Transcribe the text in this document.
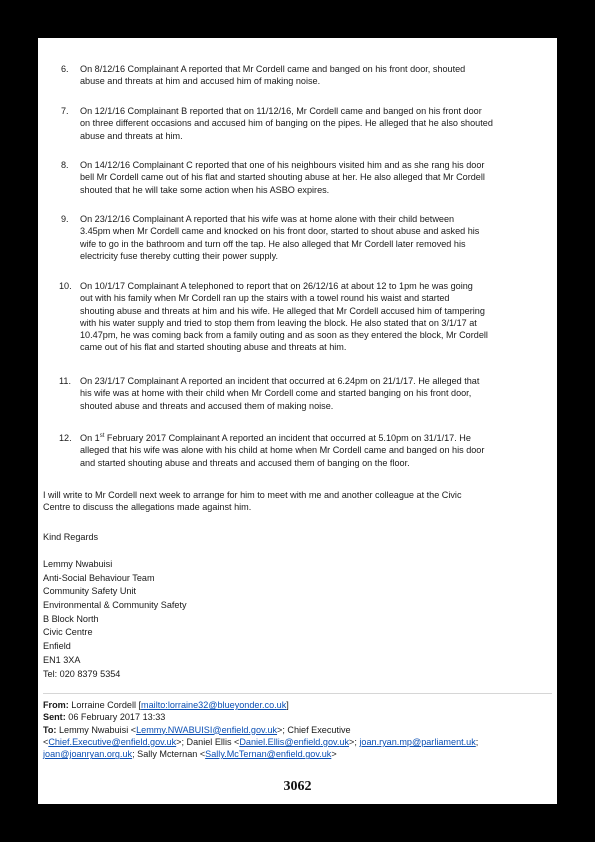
6. On 8/12/16 Complainant A reported that Mr Cordell came and banged on his front door, shouted
abuse and threats at him and accused him of making noise.
7. On 12/1/16 Complainant B reported that on 11/12/16, Mr Cordell came and banged on his front door
on three different occasions and accused him of banging on the pipes. He alleged that he also shouted
abuse and threats at him.
8. On 14/12/16 Complainant C reported that one of his neighbours visited him and as she rang his door
bell Mr Cordell came out of his flat and started shouting abuse at her. He also alleged that Mr Cordell
shouted that he will take some action when his ASBO expires.
9. On 23/12/16 Complainant A reported that his wife was at home alone with their child between
3.45pm when Mr Cordell came and knocked on his front door, started to shout abuse and asked his
wife to go in the bathroom and turn off the tap. He also alleged that Mr Cordell later removed his
electricity fuse thereby cutting their power supply.
10. On 10/1/17 Complainant A telephoned to report that on 26/12/16 at about 12 to 1pm he was going
out with his family when Mr Cordell ran up the stairs with a towel round his waist and started
shouting abuse and threats at him and his wife. He alleged that Mr Cordell accused him of tampering
with his water supply and tried to stop them from leaving the block. He also stated that on 3/1/17 at
10.47pm, he was coming back from a family outing and as soon as they entered the block, Mr Cordell
came out of his flat and started shouting abuse and threats at him.
11. On 23/1/17 Complainant A reported an incident that occurred at 6.24pm on 21/1/17. He alleged that
his wife was at home with their child when Mr Cordell come and started banging on his front door,
shouted abuse and threats and accused them of making noise.
12. On 1st February 2017 Complainant A reported an incident that occurred at 5.10pm on 31/1/17. He
alleged that his wife was alone with his child at home when Mr Cordell came and banged on his door
and started shouting abuse and threats and accused them of banging on the floor.
I will write to Mr Cordell next week to arrange for him to meet with me and another colleague at the Civic
Centre to discuss the allegations made against him.
Kind Regards
Lemmy Nwabuisi
Anti-Social Behaviour Team
Community Safety Unit
Environmental & Community Safety
B Block North
Civic Centre
Enfield
EN1 3XA
Tel: 020 8379 5354
From: Lorraine Cordell [mailto:lorraine32@blueyonder.co.uk]
Sent: 06 February 2017 13:33
To: Lemmy Nwabuisi <Lemmy.NWABUISI@enfield.gov.uk>; Chief Executive
<Chief.Executive@enfield.gov.uk>; Daniel Ellis <Daniel.Ellis@enfield.gov.uk>; joan.ryan.mp@parliament.uk;
joan@joanryan.org.uk; Sally Mcternan <Sally.McTernan@enfield.gov.uk>
3062
